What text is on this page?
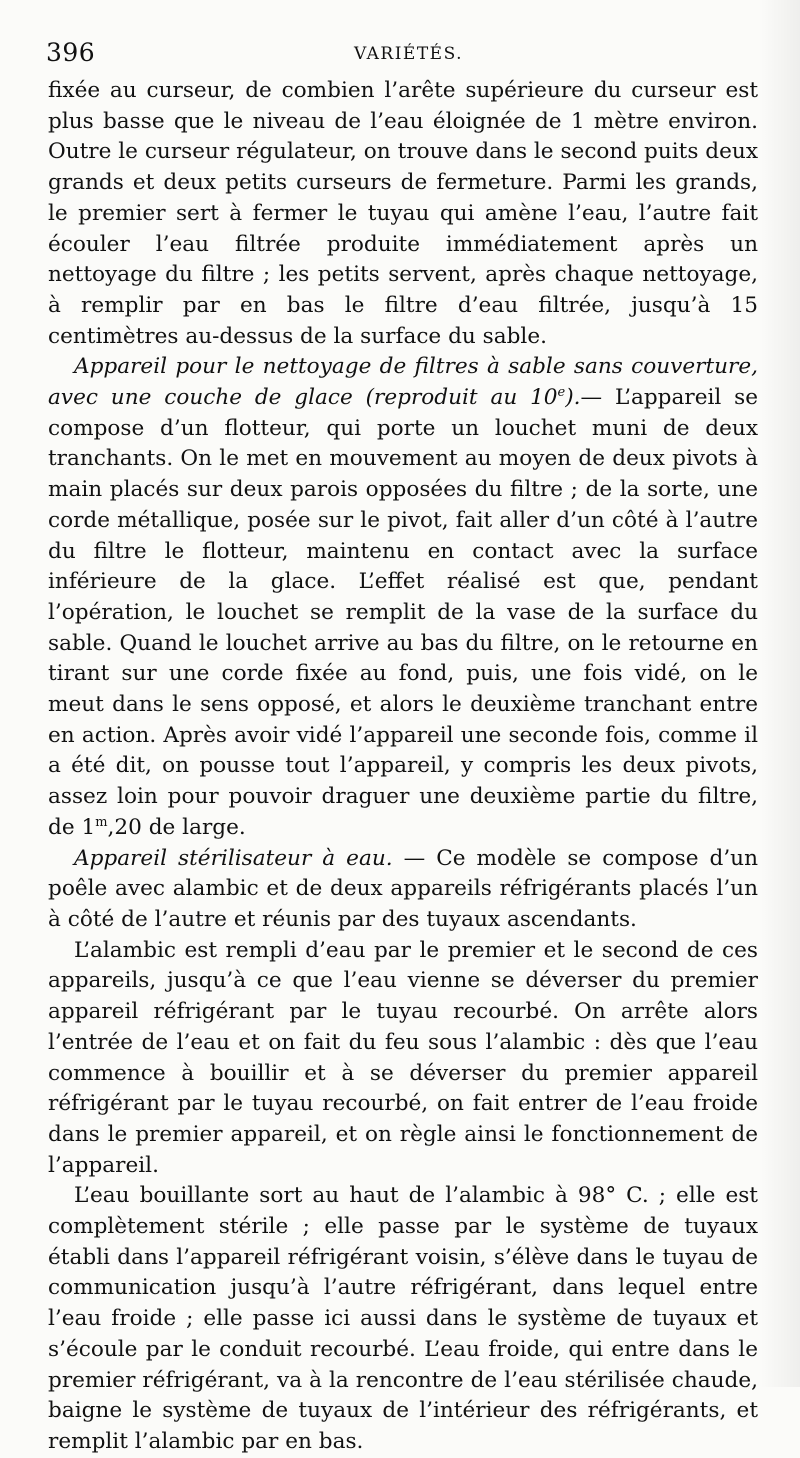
396	VARIÉTÉS.

fixée au curseur, de combien l’arête supérieure du curseur est plus basse que le niveau de l’eau éloignée de 1 mètre environ. Outre le curseur régulateur, on trouve dans le second puits deux grands et deux petits curseurs de fermeture. Parmi les grands, le premier sert à fermer le tuyau qui amène l’eau, l’autre fait écouler l’eau filtrée produite immédiatement après un nettoyage du filtre ; les petits servent, après chaque nettoyage, à remplir par en bas le filtre d’eau filtrée, jusqu’à 15 centimètres au-dessus de la surface du sable.

Appareil pour le nettoyage de filtres à sable sans couverture, avec une couche de glace (reproduit au 10e).— L’appareil se compose d’un flotteur, qui porte un louchet muni de deux tranchants. On le met en mouvement au moyen de deux pivots à main placés sur deux parois opposées du filtre ; de la sorte, une corde métallique, posée sur le pivot, fait aller d’un côté à l’autre du filtre le flotteur, maintenu en contact avec la surface inférieure de la glace. L’effet réalisé est que, pendant l’opération, le louchet se remplit de la vase de la surface du sable. Quand le louchet arrive au bas du filtre, on le retourne en tirant sur une corde fixée au fond, puis, une fois vidé, on le meut dans le sens opposé, et alors le deuxième tranchant entre en action. Après avoir vidé l’appareil une seconde fois, comme il a été dit, on pousse tout l’appareil, y compris les deux pivots, assez loin pour pouvoir draguer une deuxième partie du filtre, de 1$^m$,20 de large.

Appareil stérilisateur à eau. — Ce modèle se compose d’un poêle avec alambic et de deux appareils réfrigérants placés l’un à côté de l’autre et réunis par des tuyaux ascendants.

L’alambic est rempli d’eau par le premier et le second de ces appareils, jusqu’à ce que l’eau vienne se déverser du premier appareil réfrigérant par le tuyau recourbé. On arrête alors l’entrée de l’eau et on fait du feu sous l’alambic : dès que l’eau commence à bouillir et à se déverser du premier appareil réfrigérant par le tuyau recourbé, on fait entrer de l’eau froide dans le premier appareil, et on règle ainsi le fonctionnement de l’appareil.

L’eau bouillante sort au haut de l’alambic à 98° C. ; elle est complètement stérile ; elle passe par le système de tuyaux établi dans l’appareil réfrigérant voisin, s’élève dans le tuyau de communication jusqu’à l’autre réfrigérant, dans lequel entre l’eau froide ; elle passe ici aussi dans le système de tuyaux et s’écoule par le conduit recourbé. L’eau froide, qui entre dans le premier réfrigérant, va à la rencontre de l’eau stérilisée chaude, baigne le système de tuyaux de l’intérieur des réfrigérants, et remplit l’alambic par en bas.
